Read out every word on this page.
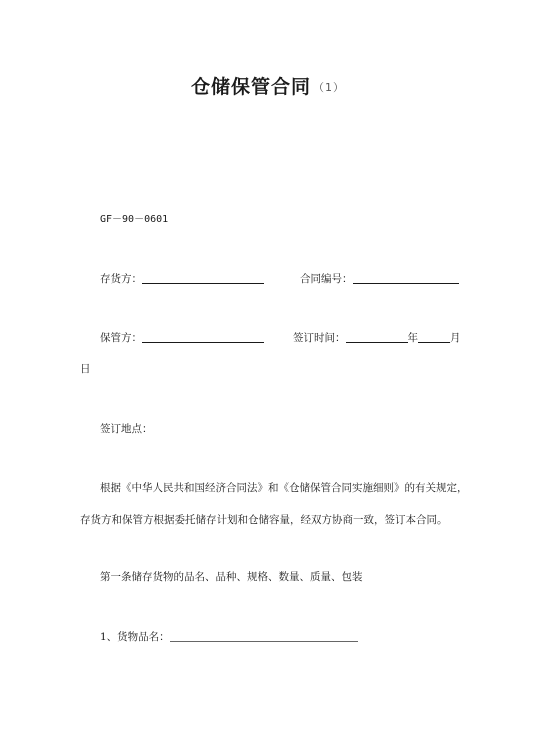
仓储保管合同 （1）
GF－90－0601
存货方：	合同编号：
保管方：	签订时间：	年	月
日
签订地点：
根据《中华人民共和国经济合同法》和《仓储保管合同实施细则》的有关规定，
存货方和保管方根据委托储存计划和仓储容量，经双方协商一致，签订本合同。
第一条储存货物的品名、品种、规格、数量、质量、包装
1、货物品名：
